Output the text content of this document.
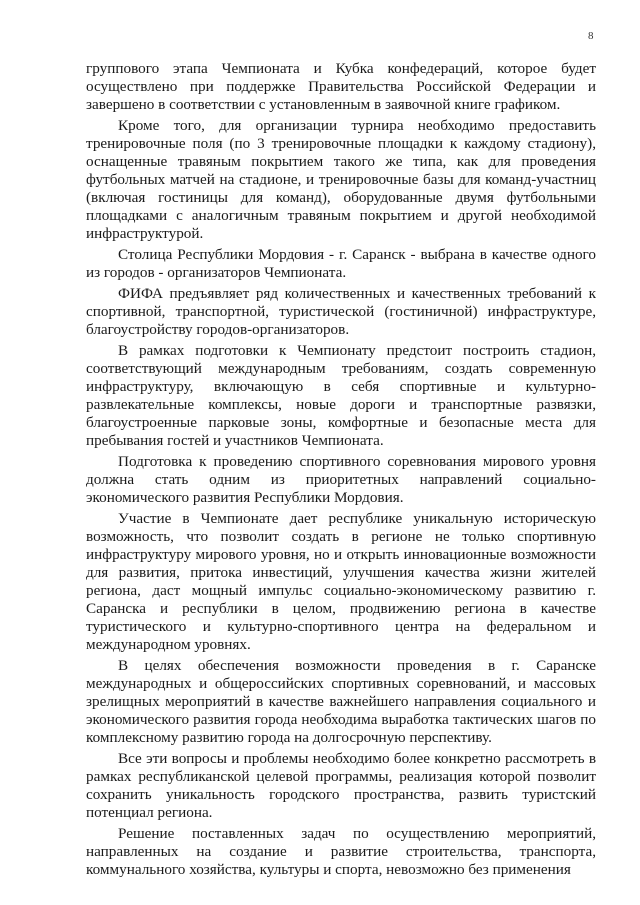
8

группового этапа Чемпионата и Кубка конфедераций, которое будет осуществлено при поддержке Правительства Российской Федерации и завершено в соответствии с установленным в заявочной книге графиком.

Кроме того, для организации турнира необходимо предоставить тренировочные поля (по 3 тренировочные площадки к каждому стадиону), оснащенные травяным покрытием такого же типа, как для проведения футбольных матчей на стадионе, и тренировочные базы для команд-участниц (включая гостиницы для команд), оборудованные двумя футбольными площадками с аналогичным травяным покрытием и другой необходимой инфраструктурой.

Столица Республики Мордовия - г. Саранск - выбрана в качестве одного из городов - организаторов Чемпионата.

ФИФА предъявляет ряд количественных и качественных требований к спортивной, транспортной, туристической (гостиничной) инфраструктуре, благоустройству городов-организаторов.

В рамках подготовки к Чемпионату предстоит построить стадион, соответствующий международным требованиям, создать современную инфраструктуру, включающую в себя спортивные и культурно-развлекательные комплексы, новые дороги и транспортные развязки, благоустроенные парковые зоны, комфортные и безопасные места для пребывания гостей и участников Чемпионата.

Подготовка к проведению спортивного соревнования мирового уровня должна стать одним из приоритетных направлений социально-экономического развития Республики Мордовия.

Участие в Чемпионате дает республике уникальную историческую возможность, что позволит создать в регионе не только спортивную инфраструктуру мирового уровня, но и открыть инновационные возможности для развития, притока инвестиций, улучшения качества жизни жителей региона, даст мощный импульс социально-экономическому развитию г. Саранска и республики в целом, продвижению региона в качестве туристического и культурно-спортивного центра на федеральном и международном уровнях.

В целях обеспечения возможности проведения в г. Саранске международных и общероссийских спортивных соревнований, и массовых зрелищных мероприятий в качестве важнейшего направления социального и экономического развития города необходима выработка тактических шагов по комплексному развитию города на долгосрочную перспективу.

Все эти вопросы и проблемы необходимо более конкретно рассмотреть в рамках республиканской целевой программы, реализация которой позволит сохранить уникальность городского пространства, развить туристский потенциал региона.

Решение поставленных задач по осуществлению мероприятий, направленных на создание и развитие строительства, транспорта, коммунального хозяйства, культуры и спорта, невозможно без применения
